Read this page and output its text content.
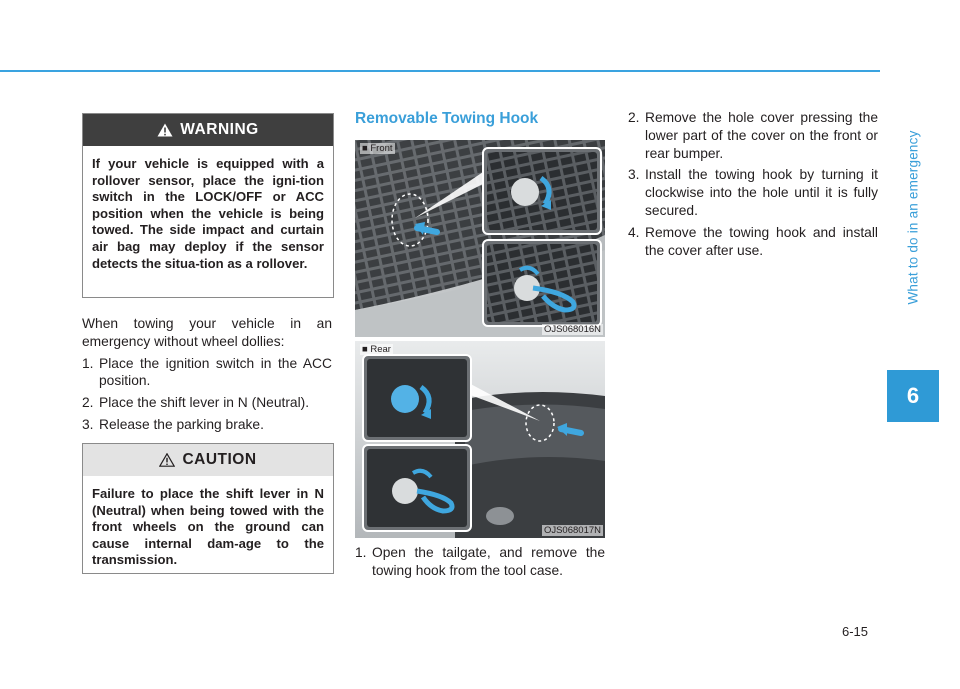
What to do in an emergency
6
WARNING
If your vehicle is equipped with a rollover sensor, place the igni-tion switch in the LOCK/OFF or ACC position when the vehicle is being towed. The side impact and curtain air bag may deploy if the sensor detects the situa-tion as a rollover.
When towing your vehicle in an emergency without wheel dollies:
1. Place the ignition switch in the ACC position.
2. Place the shift lever in N (Neutral).
3. Release the parking brake.
CAUTION
Failure to place the shift lever in N (Neutral) when being towed with the front wheels on the ground can cause internal dam-age to the transmission.
Removable Towing Hook
■ Front
OJS068016N
■ Rear
OJS068017N
1. Open the tailgate, and remove the towing hook from the tool case.
2. Remove the hole cover pressing the lower part of the cover on the front or rear bumper.
3. Install the towing hook by turning it clockwise into the hole until it is fully secured.
4. Remove the towing hook and install the cover after use.
6-15
